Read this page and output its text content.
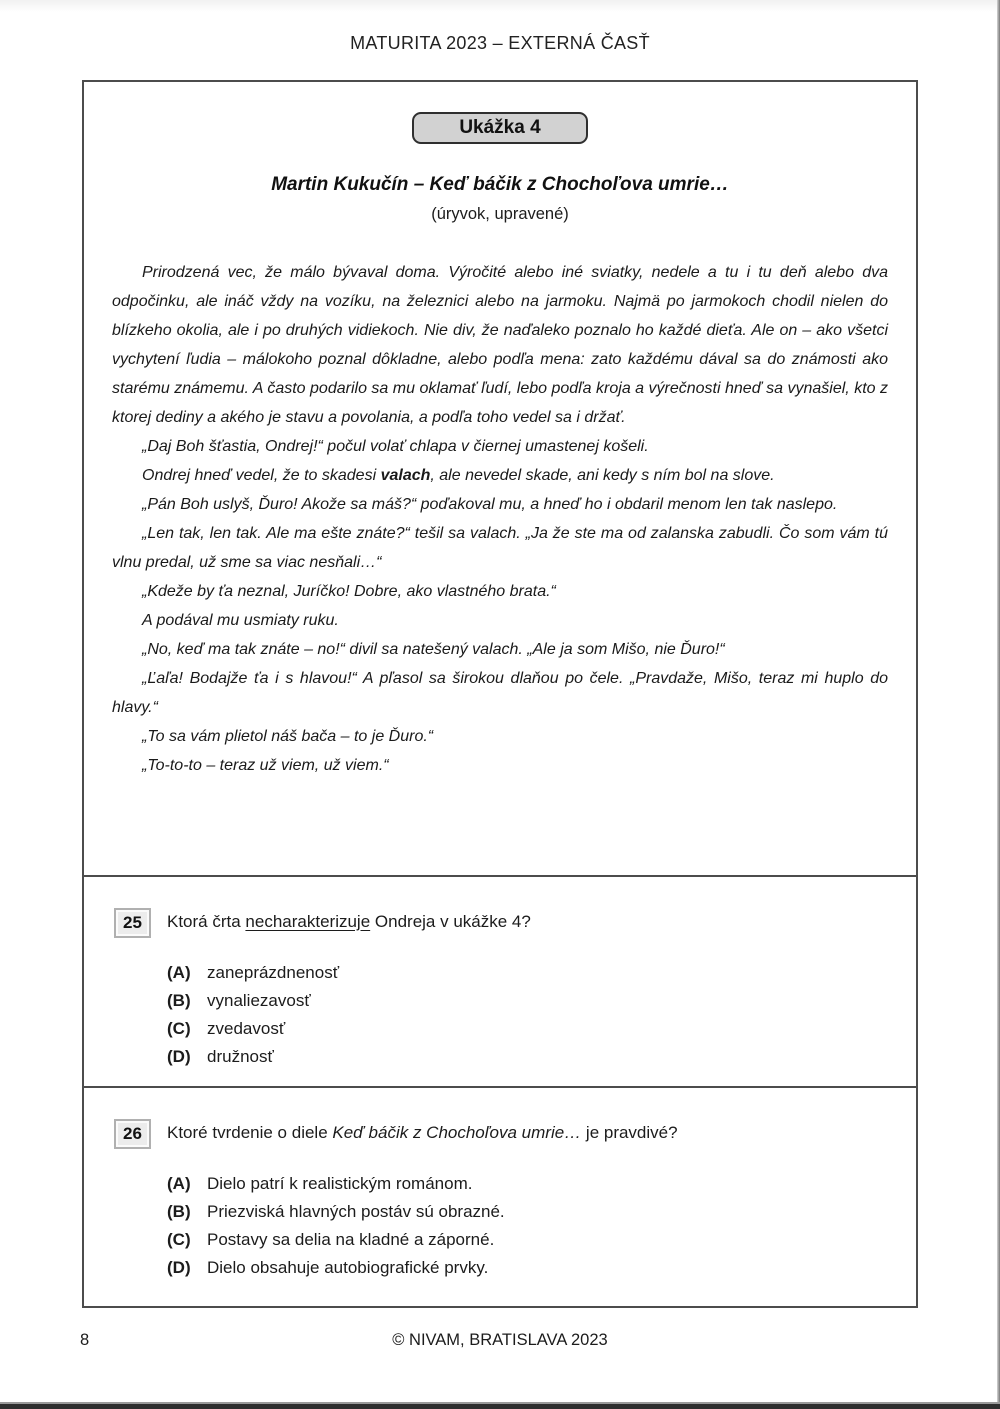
MATURITA 2023 – EXTERNÁ ČASŤ
Ukážka 4
Martin Kukučín – Keď báčik z Chochoľova umrie…
(úryvok, upravené)

Prirodzená vec, že málo bývaval doma. Výročité alebo iné sviatky, nedele a tu i tu deň alebo dva odpočinku, ale ináč vždy na vozíku, na železnici alebo na jarmoku. Najmä po jarmokoch chodil nielen do blízkeho okolia, ale i po druhých vidiekoch. Nie div, že naďaleko poznalo ho každé dieťa. Ale on – ako všetci vychytení ľudia – málokoho poznal dôkladne, alebo podľa mena: zato každému dával sa do známosti ako starému známemu. A často podarilo sa mu oklamať ľudí, lebo podľa kroja a výrečnosti hneď sa vynašiel, kto z ktorej dediny a akého je stavu a povolania, a podľa toho vedel sa i držať.

„Daj Boh šťastia, Ondrej!“ počul volať chlapa v čiernej umastenej košeli.

Ondrej hneď vedel, že to skadesi valach, ale nevedel skade, ani kedy s ním bol na slove.

„Pán Boh uslyš, Ďuro! Akože sa máš?“ poďakoval mu, a hneď ho i obdaril menom len tak naslepo.

„Len tak, len tak. Ale ma ešte znáte?“ tešil sa valach. „Ja že ste ma od zalanska zabudli. Čo som vám tú vlnu predal, už sme sa viac nesňali…“

„Kdeže by ťa neznal, Juríčko! Dobre, ako vlastného brata.“

A podával mu usmiaty ruku.

„No, keď ma tak znáte – no!“ divil sa natešený valach. „Ale ja som Mišo, nie Ďuro!“

„Ľaľa! Bodajže ťa i s hlavou!“ A pľasol sa širokou dlaňou po čele. „Pravdaže, Mišo, teraz mi huplo do hlavy.“

„To sa vám plietol náš bača – to je Ďuro.“

„To-to-to – teraz už viem, už viem.“

25	Ktorá črta necharakterizuje Ondreja v ukážke 4?
(A) zaneprázdnenosť
(B) vynaliezavosť
(C) zvedavosť
(D) družnosť
26	Ktoré tvrdenie o diele Keď báčik z Chochoľova umrie… je pravdivé?
(A) Dielo patrí k realistickým románom.
(B) Priezviská hlavných postáv sú obrazné.
(C) Postavy sa delia na kladné a záporné.
(D) Dielo obsahuje autobiografické prvky.
8	© NIVAM, BRATISLAVA 2023
